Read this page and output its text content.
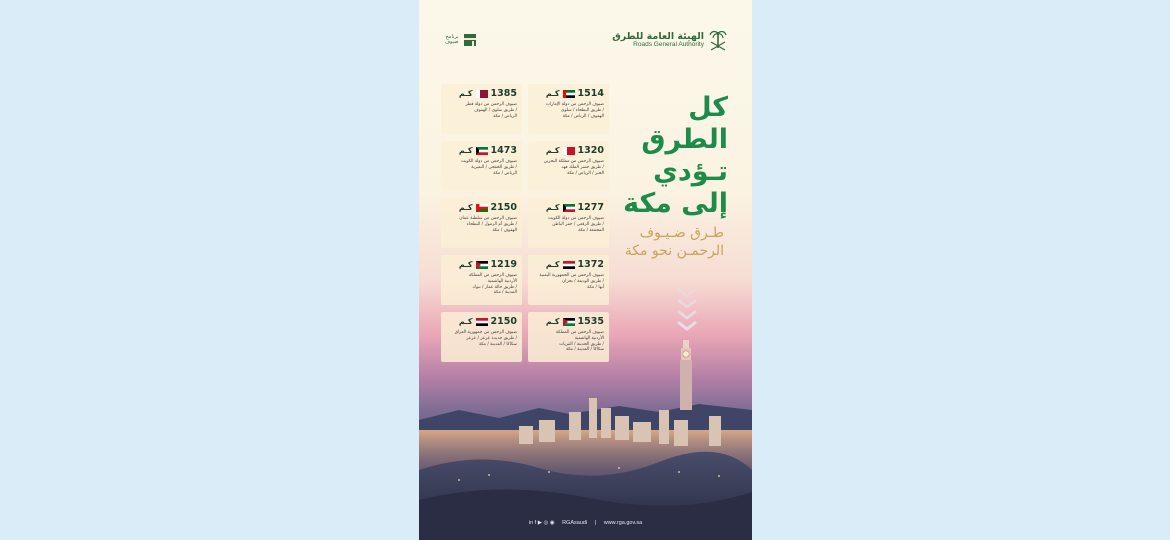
الهيئة العامة للطرق
Roads General Authority
برنامج
ضيوف
كـم 1514
ضيوف الرحمن من دولة الإمارات
طريق البطحاء / سلوى /
الهفوف / الرياض / مكة
كـم 1385
ضيوف الرحمن من دولة قطر
طريق سلوى / الهفوف /
الرياض / مكة
كـم 1320
ضيوف الرحمن من مملكة البحرين
طريق جسر الملك فهد /
الخبر / الرياض / مكة
كـم 1473
ضيوف الرحمن من دولة الكويت
طريق الخفجي / النعيرية /
الرياض / مكة
كـم 1277
ضيوف الرحمن من دولة الكويت
طريق الرقعي / حفر الباطن /
المجمعة / مكة
كـم 2150
ضيوف الرحمن من سلطنة عمان
طريق أم الزمول / البطحاء /
الهفوف / مكة
كـم 1372
ضيوف الرحمن من الجمهورية اليمنية
طريق الوديعة / نجران /
أبها / مكة
كـم 1219
ضيوف الرحمن من المملكة
الأردنية الهاشمية
طريق حالة عمار / تبوك /
المدينة / مكة
كـم 1535
ضيوف الرحمن من المملكة
الأردنية الهاشمية
طريق الحديثة / القريات /
سكاكا / المدينة / مكة
كـم 2150
ضيوف الرحمن من جمهورية العراق
طريق جديدة عرعر / عرعر /
سكاكا / المدينة / مكة
كل
الطرق
تـؤدي
إلى مكة
طـرق ضـيـوف
الرحمـن نحو مكة
in f ▶ ◎ ◉ RGAsaudi | www.rga.gov.sa
